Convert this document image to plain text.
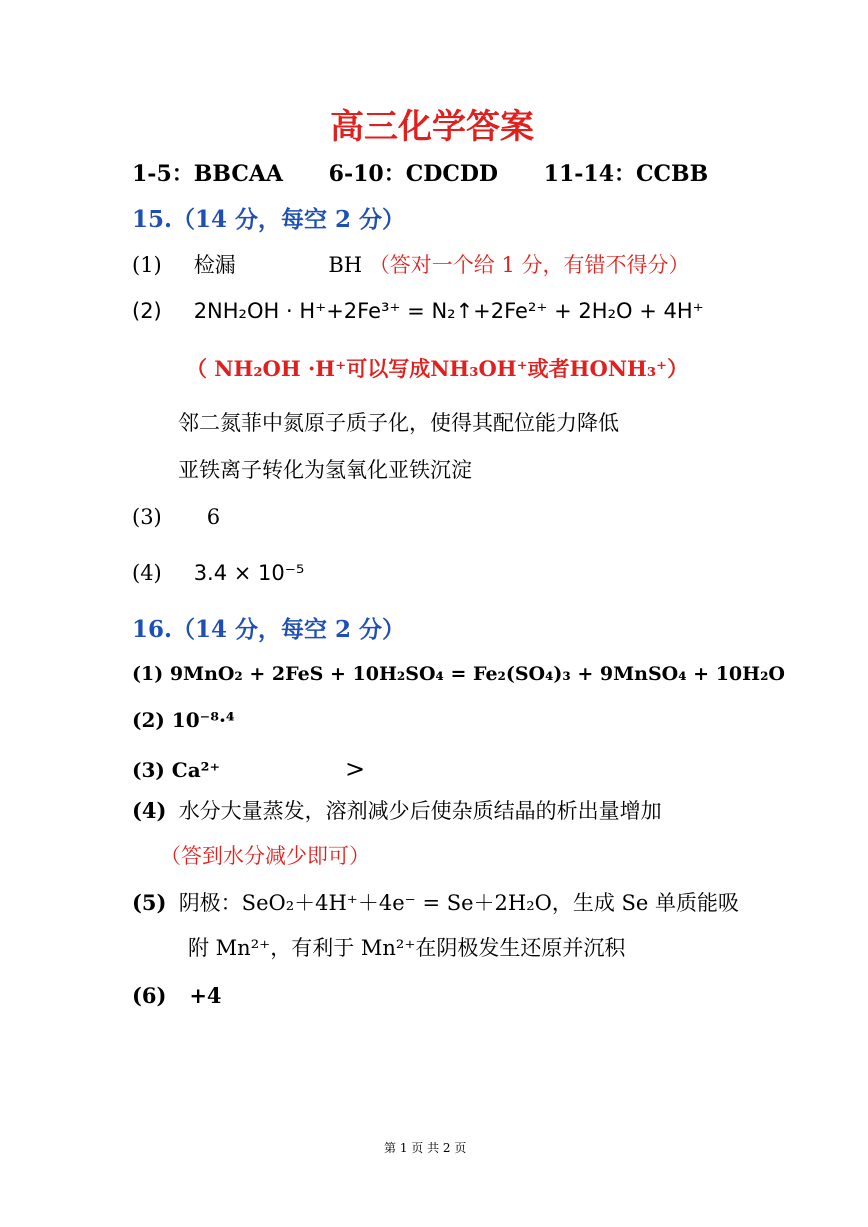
高三化学答案
1-5：BBCAA 6-10：CDCDD 11-14：CCBB
15.（14 分，每空 2 分）
(1) 检漏	BH （答对一个给 1 分，有错不得分）
(2) 2NH₂OH · H⁺+2Fe³⁺ = N₂↑+2Fe²⁺ + 2H₂O + 4H⁺
（ NH₂OH ·H⁺可以写成NH₃OH⁺或者HONH₃⁺）
邻二氮菲中氮原子质子化，使得其配位能力降低
亚铁离子转化为氢氧化亚铁沉淀
(3) 6
(4) 3.4 × 10⁻⁵
16.（14 分，每空 2 分）
(1) 9MnO₂ + 2FeS + 10H₂SO₄ = Fe₂(SO₄)₃ + 9MnSO₄ + 10H₂O
(2) 10⁻⁸·⁴
(3) Ca²⁺	>
(4) 水分大量蒸发，溶剂减少后使杂质结晶的析出量增加
（答到水分减少即可）
(5) 阴极：SeO₂＋4H⁺＋4e⁻ = Se＋2H₂O，生成 Se 单质能吸
附 Mn²⁺，有利于 Mn²⁺在阴极发生还原并沉积
(6) +4
第 1 页 共 2 页
